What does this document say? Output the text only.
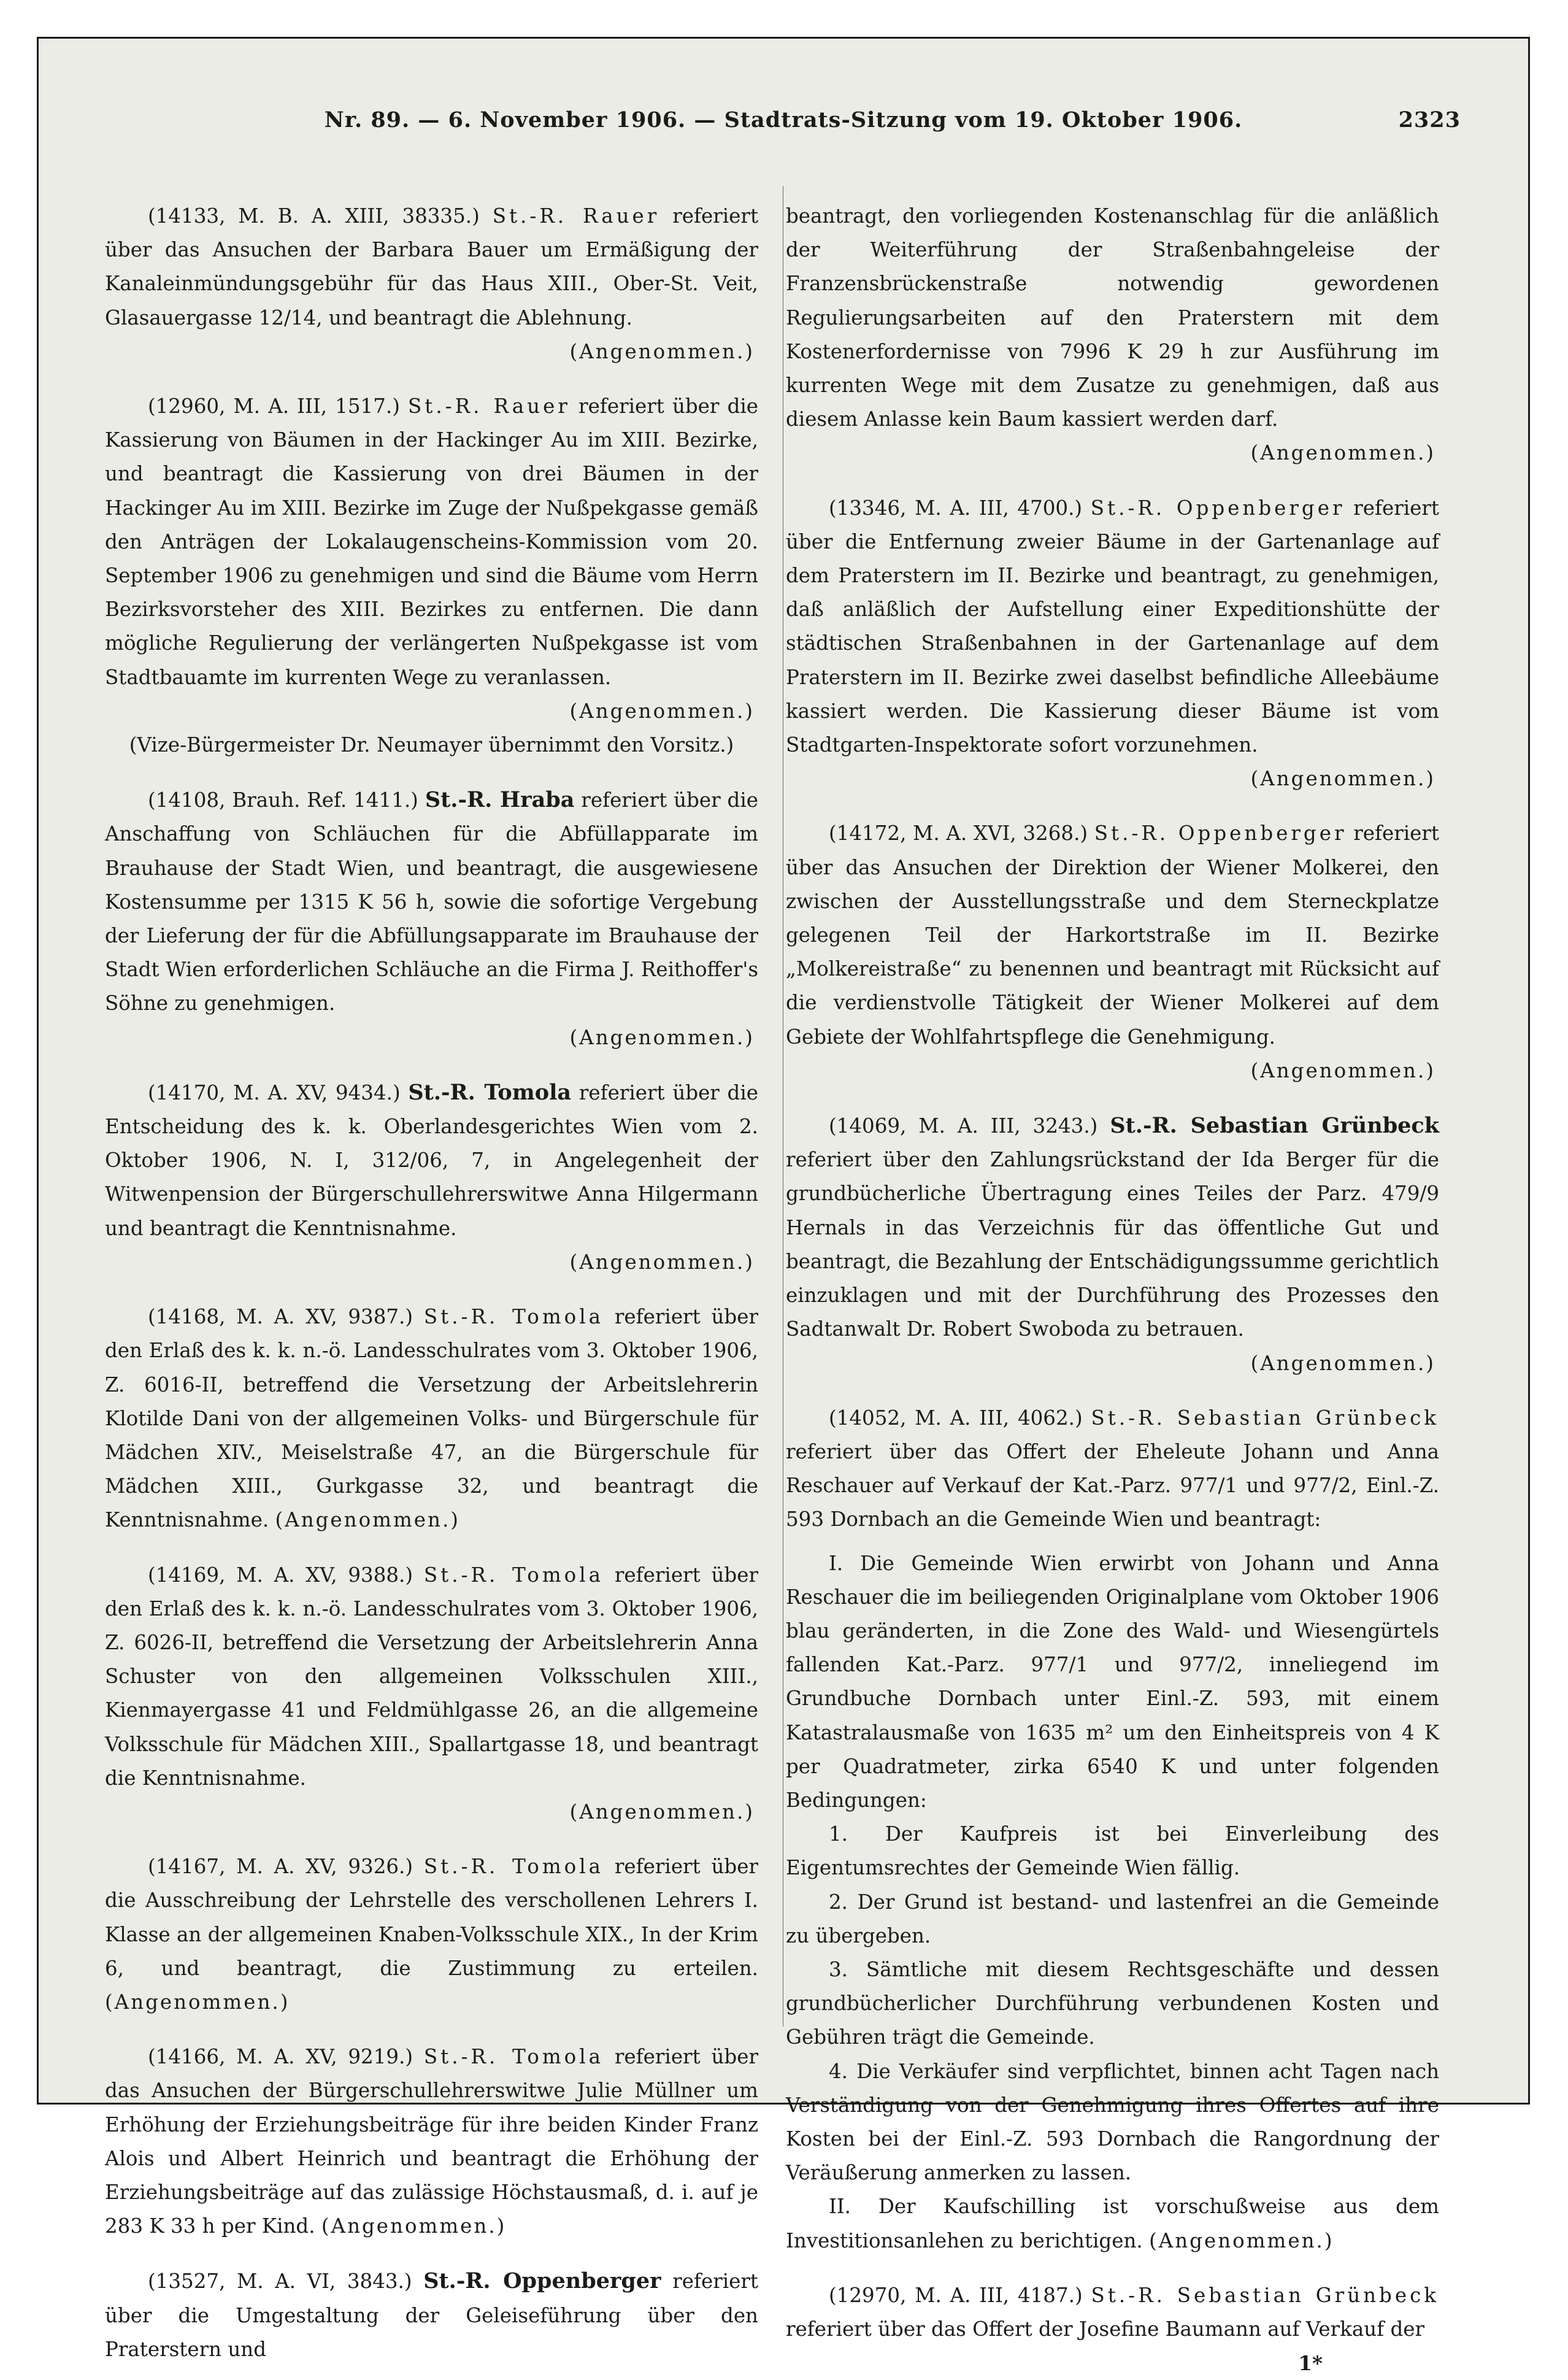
Nr. 89. — 6. November 1906. — Stadtrats-Sitzung vom 19. Oktober 1906.	2323

(14133, M. B. A. XIII, 38335.) St.-R. Rauer referiert über das Ansuchen der Barbara Bauer um Ermäßigung der Kanaleinmündungsgebühr für das Haus XIII., Ober-St. Veit, Glasauergasse 12/14, und beantragt die Ablehnung.

(Angenommen.)

(12960, M. A. III, 1517.) St.-R. Rauer referiert über die Kassierung von Bäumen in der Hackinger Au im XIII. Bezirke, und beantragt die Kassierung von drei Bäumen in der Hackinger Au im XIII. Bezirke im Zuge der Nußpekgasse gemäß den Anträgen der Lokalaugenscheins-Kommission vom 20. September 1906 zu genehmigen und sind die Bäume vom Herrn Bezirksvorsteher des XIII. Bezirkes zu entfernen. Die dann mögliche Regulierung der verlängerten Nußpekgasse ist vom Stadtbauamte im kurrenten Wege zu veranlassen.

(Angenommen.)

(Vize-Bürgermeister Dr. Neumayer übernimmt den Vorsitz.)

(14108, Brauh. Ref. 1411.) St.-R. Hraba referiert über die Anschaffung von Schläuchen für die Abfüllapparate im Brauhause der Stadt Wien, und beantragt, die ausgewiesene Kostensumme per 1315 K 56 h, sowie die sofortige Vergebung der Lieferung der für die Abfüllungsapparate im Brauhause der Stadt Wien erforderlichen Schläuche an die Firma J. Reithoffer's Söhne zu genehmigen.

(Angenommen.)

(14170, M. A. XV, 9434.) St.-R. Tomola referiert über die Entscheidung des k. k. Oberlandesgerichtes Wien vom 2. Oktober 1906, N. I, 312/06, 7, in Angelegenheit der Witwenpension der Bürgerschullehrerswitwe Anna Hilgermann und beantragt die Kenntnisnahme.

(Angenommen.)

(14168, M. A. XV, 9387.) St.-R. Tomola referiert über den Erlaß des k. k. n.-ö. Landesschulrates vom 3. Oktober 1906, Z. 6016-II, betreffend die Versetzung der Arbeitslehrerin Klotilde Dani von der allgemeinen Volks- und Bürgerschule für Mädchen XIV., Meiselstraße 47, an die Bürgerschule für Mädchen XIII., Gurkgasse 32, und beantragt die Kenntnisnahme. (Angenommen.)

(14169, M. A. XV, 9388.) St.-R. Tomola referiert über den Erlaß des k. k. n.-ö. Landesschulrates vom 3. Oktober 1906, Z. 6026-II, betreffend die Versetzung der Arbeitslehrerin Anna Schuster von den allgemeinen Volksschulen XIII., Kienmayergasse 41 und Feldmühlgasse 26, an die allgemeine Volksschule für Mädchen XIII., Spallartgasse 18, und beantragt die Kenntnisnahme.

(Angenommen.)

(14167, M. A. XV, 9326.) St.-R. Tomola referiert über die Ausschreibung der Lehrstelle des verschollenen Lehrers I. Klasse an der allgemeinen Knaben-Volksschule XIX., In der Krim 6, und beantragt, die Zustimmung zu erteilen. (Angenommen.)

(14166, M. A. XV, 9219.) St.-R. Tomola referiert über das Ansuchen der Bürgerschullehrerswitwe Julie Müllner um Erhöhung der Erziehungsbeiträge für ihre beiden Kinder Franz Alois und Albert Heinrich und beantragt die Erhöhung der Erziehungsbeiträge auf das zulässige Höchstausmaß, d. i. auf je 283 K 33 h per Kind. (Angenommen.)

(13527, M. A. VI, 3843.) St.-R. Oppenberger referiert über die Umgestaltung der Geleiseführung über den Praterstern und

beantragt, den vorliegenden Kostenanschlag für die anläßlich der Weiterführung der Straßenbahngeleise der Franzensbrückenstraße notwendig gewordenen Regulierungsarbeiten auf den Praterstern mit dem Kostenerfordernisse von 7996 K 29 h zur Ausführung im kurrenten Wege mit dem Zusatze zu genehmigen, daß aus diesem Anlasse kein Baum kassiert werden darf.

(Angenommen.)

(13346, M. A. III, 4700.) St.-R. Oppenberger referiert über die Entfernung zweier Bäume in der Gartenanlage auf dem Praterstern im II. Bezirke und beantragt, zu genehmigen, daß anläßlich der Aufstellung einer Expeditionshütte der städtischen Straßenbahnen in der Gartenanlage auf dem Praterstern im II. Bezirke zwei daselbst befindliche Alleebäume kassiert werden. Die Kassierung dieser Bäume ist vom Stadtgarten-Inspektorate sofort vorzunehmen.

(Angenommen.)

(14172, M. A. XVI, 3268.) St.-R. Oppenberger referiert über das Ansuchen der Direktion der Wiener Molkerei, den zwischen der Ausstellungsstraße und dem Sterneckplatze gelegenen Teil der Harkortstraße im II. Bezirke „Molkereistraße“ zu benennen und beantragt mit Rücksicht auf die verdienstvolle Tätigkeit der Wiener Molkerei auf dem Gebiete der Wohlfahrtspflege die Genehmigung.

(Angenommen.)

(14069, M. A. III, 3243.) St.-R. Sebastian Grünbeck referiert über den Zahlungsrückstand der Ida Berger für die grundbücherliche Übertragung eines Teiles der Parz. 479/9 Hernals in das Verzeichnis für das öffentliche Gut und beantragt, die Bezahlung der Entschädigungssumme gerichtlich einzuklagen und mit der Durchführung des Prozesses den Sadtanwalt Dr. Robert Swoboda zu betrauen.

(Angenommen.)

(14052, M. A. III, 4062.) St.-R. Sebastian Grünbeck referiert über das Offert der Eheleute Johann und Anna Reschauer auf Verkauf der Kat.-Parz. 977/1 und 977/2, Einl.-Z. 593 Dornbach an die Gemeinde Wien und beantragt:

I. Die Gemeinde Wien erwirbt von Johann und Anna Reschauer die im beiliegenden Originalplane vom Oktober 1906 blau geränderten, in die Zone des Wald- und Wiesengürtels fallenden Kat.-Parz. 977/1 und 977/2, inneliegend im Grundbuche Dornbach unter Einl.-Z. 593, mit einem Katastralausmaße von 1635 m² um den Einheitspreis von 4 K per Quadratmeter, zirka 6540 K und unter folgenden Bedingungen:

1. Der Kaufpreis ist bei Einverleibung des Eigentumsrechtes der Gemeinde Wien fällig.

2. Der Grund ist bestand- und lastenfrei an die Gemeinde zu übergeben.

3. Sämtliche mit diesem Rechtsgeschäfte und dessen grundbücherlicher Durchführung verbundenen Kosten und Gebühren trägt die Gemeinde.

4. Die Verkäufer sind verpflichtet, binnen acht Tagen nach Verständigung von der Genehmigung ihres Offertes auf ihre Kosten bei der Einl.-Z. 593 Dornbach die Rangordnung der Veräußerung anmerken zu lassen.

II. Der Kaufschilling ist vorschußweise aus dem Investitionsanlehen zu berichtigen. (Angenommen.)

(12970, M. A. III, 4187.) St.-R. Sebastian Grünbeck referiert über das Offert der Josefine Baumann auf Verkauf der

1*
